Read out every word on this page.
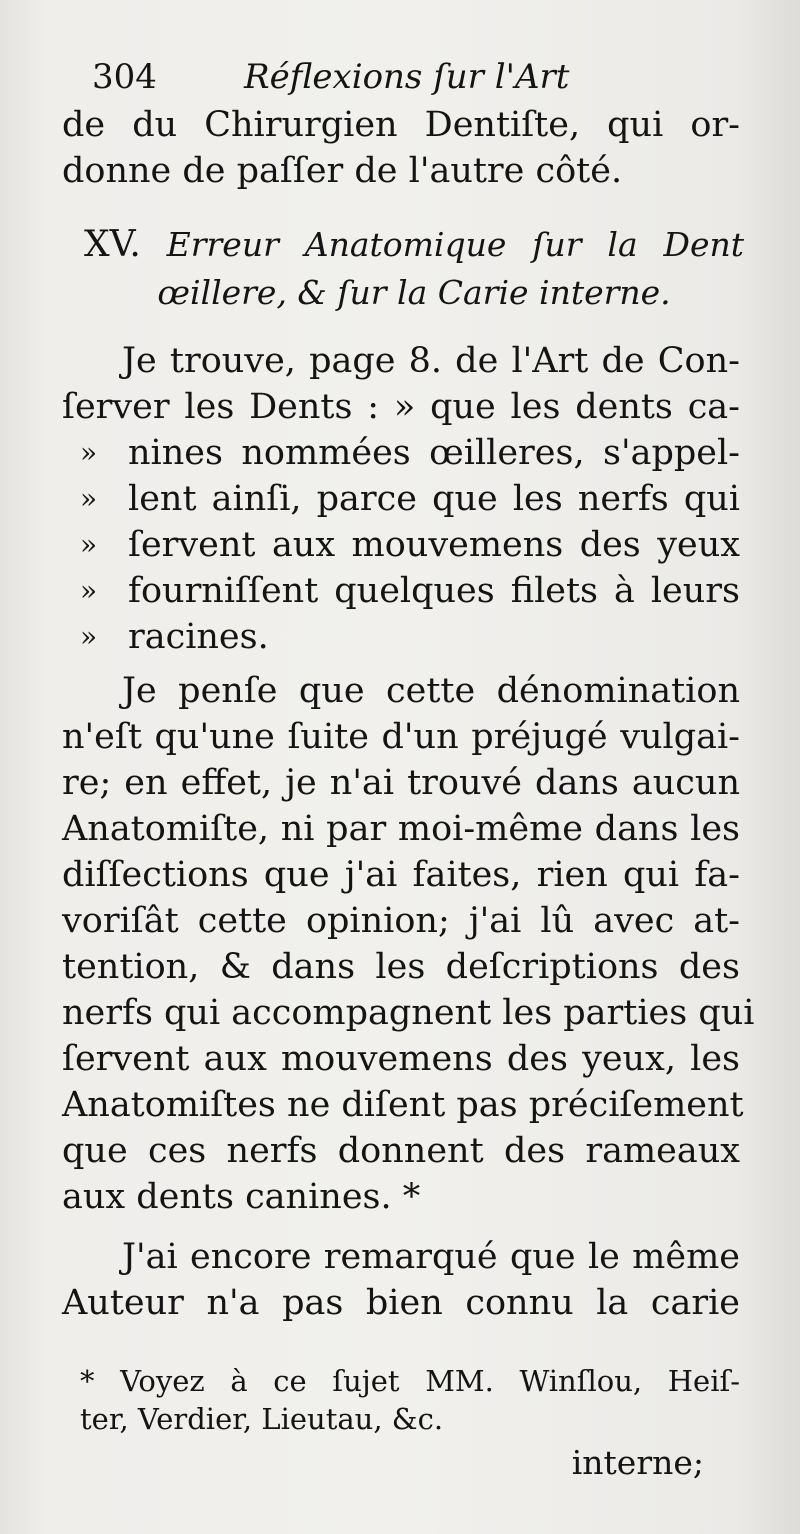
304	Réflexions ſur l'Art
de du Chirurgien Dentiſte, qui or-
donne de paſſer de l'autre côté.
XV. Erreur Anatomique ſur la Dent
œillere, & ſur la Carie interne.
Je trouve, page 8. de l'Art de Con-
ſerver les Dents : » que les dents ca-
» nines nommées œilleres, s'appel-
» lent ainſi, parce que les nerfs qui
» ſervent aux mouvemens des yeux
» fourniſſent quelques filets à leurs
» racines.
Je penſe que cette dénomination
n'eſt qu'une ſuite d'un préjugé vulgai-
re; en effet, je n'ai trouvé dans aucun
Anatomiſte, ni par moi-même dans les
diſſections que j'ai faites, rien qui fa-
voriſât cette opinion; j'ai lû avec at-
tention, & dans les deſcriptions des
nerfs qui accompagnent les parties qui
ſervent aux mouvemens des yeux, les
Anatomiſtes ne diſent pas préciſement
que ces nerfs donnent des rameaux
aux dents canines. *
J'ai encore remarqué que le même
Auteur n'a pas bien connu la carie
* Voyez à ce ſujet MM. Winſlou, Heiſ-
ter, Verdier, Lieutau, &c.
interne;
